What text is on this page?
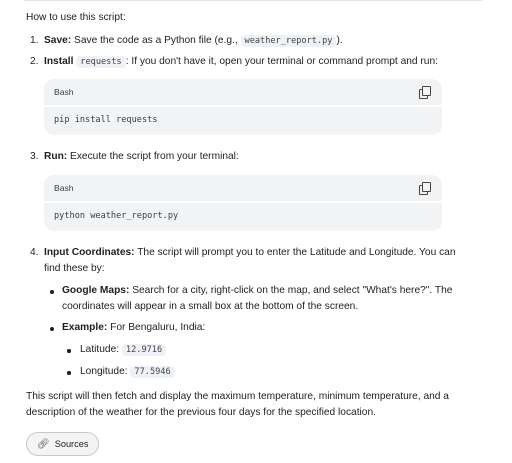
How to use this script:
1. Save: Save the code as a Python file (e.g., weather_report.py ).
2. Install requests : If you don't have it, open your terminal or command prompt and run:
Bash
pip install requests
3. Run: Execute the script from your terminal:
Bash
python weather_report.py
4. Input Coordinates: The script will prompt you to enter the Latitude and Longitude. You can
find these by:
Google Maps: Search for a city, right-click on the map, and select "What's here?". The
coordinates will appear in a small box at the bottom of the screen.
Example: For Bengaluru, India:
Latitude: 12.9716
Longitude: 77.5946
This script will then fetch and display the maximum temperature, minimum temperature, and a
description of the weather for the previous four days for the specified location.
🔗︎ Sources
